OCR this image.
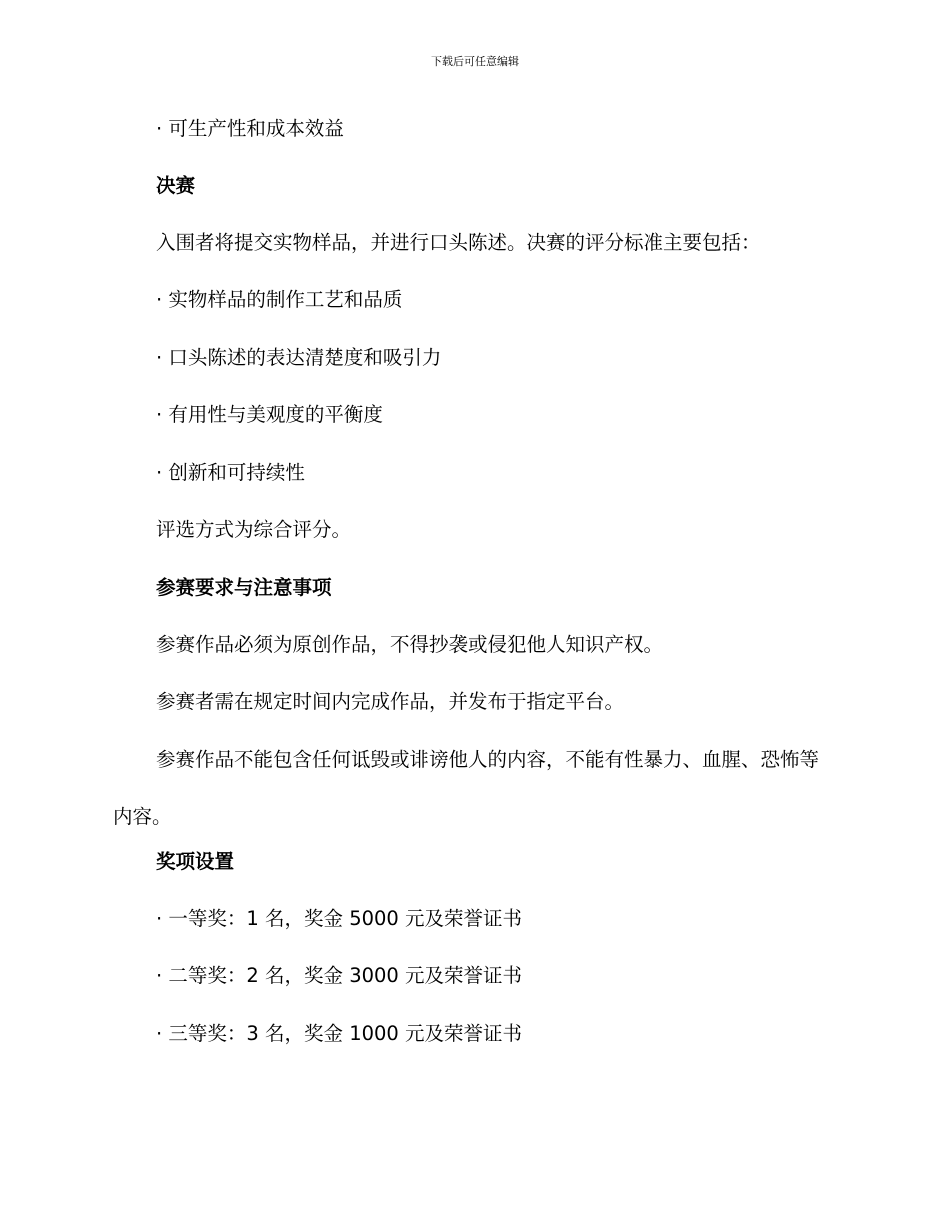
下载后可任意编辑
· 可生产性和成本效益
决赛
入围者将提交实物样品，并进行口头陈述。决赛的评分标准主要包括：
· 实物样品的制作工艺和品质
· 口头陈述的表达清楚度和吸引力
· 有用性与美观度的平衡度
· 创新和可持续性
评选方式为综合评分。
参赛要求与注意事项
参赛作品必须为原创作品，不得抄袭或侵犯他人知识产权。
参赛者需在规定时间内完成作品，并发布于指定平台。
参赛作品不能包含任何诋毁或诽谤他人的内容，不能有性暴力、血腥、恐怖等内容。
奖项设置
· 一等奖：1 名，奖金 5000 元及荣誉证书
· 二等奖：2 名，奖金 3000 元及荣誉证书
· 三等奖：3 名，奖金 1000 元及荣誉证书
